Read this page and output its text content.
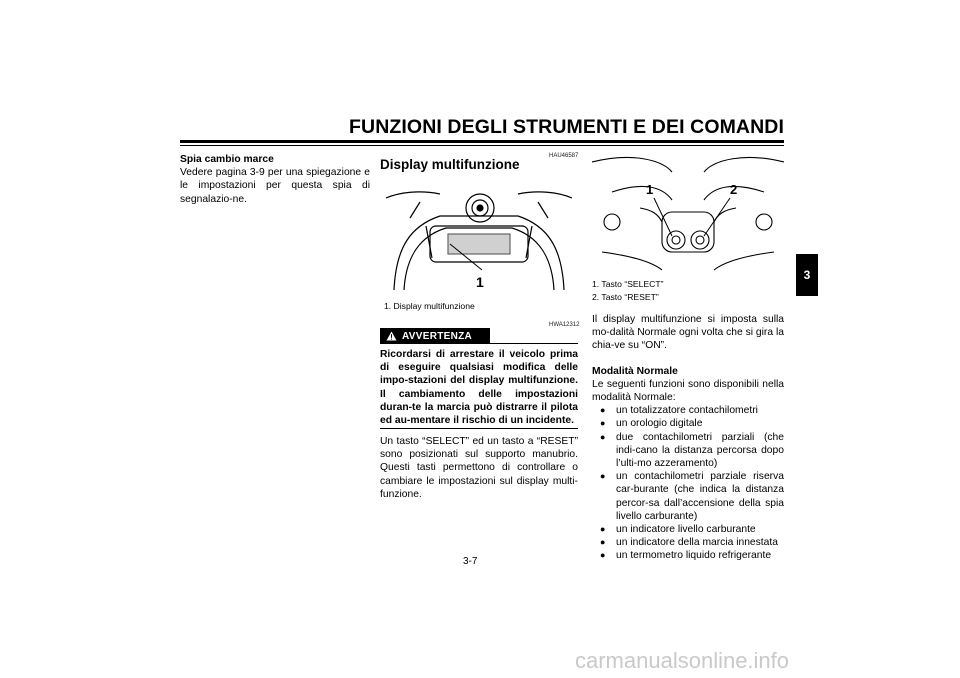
FUNZIONI DEGLI STRUMENTI E DEI COMANDI
3
Spia cambio marce
Vedere pagina 3-9 per una spiegazione e le impostazioni per questa spia di segnalazio-ne.
HAU46587
Display multifunzione
1
1. Display multifunzione
HWA12312
AVVERTENZA
Ricordarsi di arrestare il veicolo prima di eseguire qualsiasi modifica delle impo-stazioni del display multifunzione. Il cambiamento delle impostazioni duran-te la marcia può distrarre il pilota ed au-mentare il rischio di un incidente.
Un tasto “SELECT” ed un tasto a “RESET” sono posizionati sul supporto manubrio. Questi tasti permettono di controllare o cambiare le impostazioni sul display multi-funzione.
1	2
1. Tasto “SELECT”
2. Tasto “RESET”
Il display multifunzione si imposta sulla mo-dalità Normale ogni volta che si gira la chia-ve su “ON”.
Modalità Normale
Le seguenti funzioni sono disponibili nella modalità Normale:
● un totalizzatore contachilometri
● un orologio digitale
● due contachilometri parziali (che indi-cano la distanza percorsa dopo l’ulti-mo azzeramento)
● un contachilometri parziale riserva car-burante (che indica la distanza percor-sa dall’accensione della spia livello carburante)
● un indicatore livello carburante
● un indicatore della marcia innestata
● un termometro liquido refrigerante
3-7
carmanualsonline.info
